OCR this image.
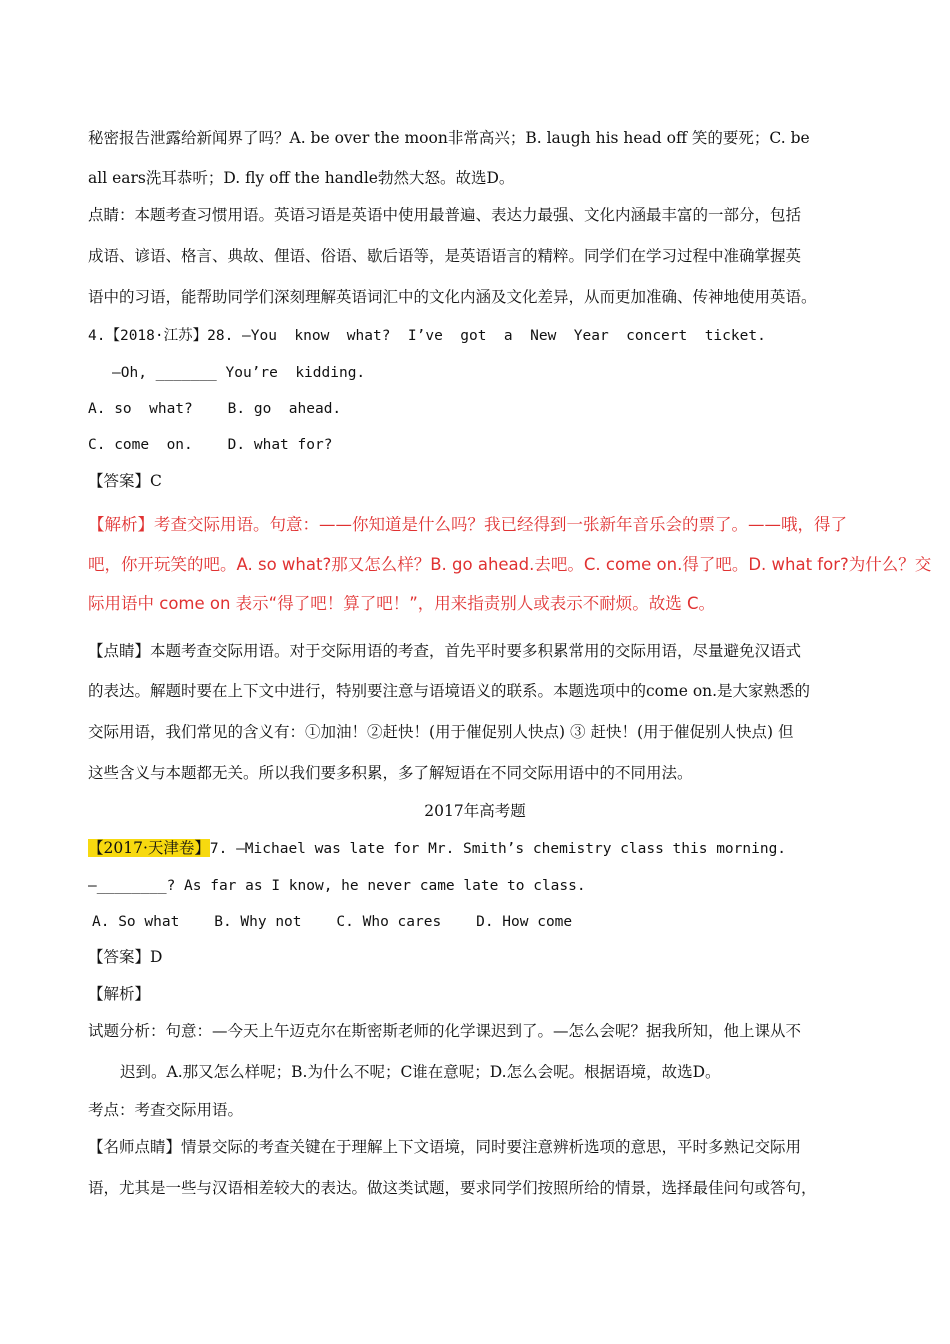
秘密报告泄露给新闻界了吗？A. be over the moon非常高兴；B. laugh his head off 笑的要死；C. be
all ears洗耳恭听；D. fly off the handle勃然大怒。故选D。
点睛：本题考查习惯用语。英语习语是英语中使用最普遍、表达力最强、文化内涵最丰富的一部分，包括
成语、谚语、格言、典故、俚语、俗语、歇后语等，是英语语言的精粹。同学们在学习过程中准确掌握英
语中的习语，能帮助同学们深刻理解英语词汇中的文化内涵及文化差异，从而更加准确、传神地使用英语。
4.【2018·江苏】28. —You  know  what?  I’ve  got  a  New  Year  concert  ticket.
—Oh, _______ You’re  kidding.
A. so  what?    B. go  ahead.
C. come  on.    D. what for?
【答案】C
【解析】考查交际用语。句意：——你知道是什么吗？我已经得到一张新年音乐会的票了。——哦，得了
吧，你开玩笑的吧。A. so what?那又怎么样？B. go ahead.去吧。C. come on.得了吧。D. what for?为什么？交
际用语中 come on 表示“得了吧！算了吧！”，用来指责别人或表示不耐烦。故选 C。
【点睛】本题考查交际用语。对于交际用语的考查，首先平时要多积累常用的交际用语，尽量避免汉语式
的表达。解题时要在上下文中进行，特别要注意与语境语义的联系。本题选项中的come on.是大家熟悉的
交际用语，我们常见的含义有：①加油！②赶快！(用于催促别人快点) ③ 赶快！(用于催促别人快点) 但
这些含义与本题都无关。所以我们要多积累，多了解短语在不同交际用语中的不同用法。
2017年高考题
【2017·天津卷】7. —Michael was late for Mr. Smith’s chemistry class this morning.
—________? As far as I know, he never came late to class.
A. So what    B. Why not    C. Who cares    D. How come
【答案】D
【解析】
试题分析：句意：—今天上午迈克尔在斯密斯老师的化学课迟到了。—怎么会呢？据我所知，他上课从不
迟到。A.那又怎么样呢；B.为什么不呢；C谁在意呢；D.怎么会呢。根据语境，故选D。
考点：考查交际用语。
【名师点睛】情景交际的考查关键在于理解上下文语境，同时要注意辨析选项的意思，平时多熟记交际用
语，尤其是一些与汉语相差较大的表达。做这类试题，要求同学们按照所给的情景，选择最佳问句或答句，
